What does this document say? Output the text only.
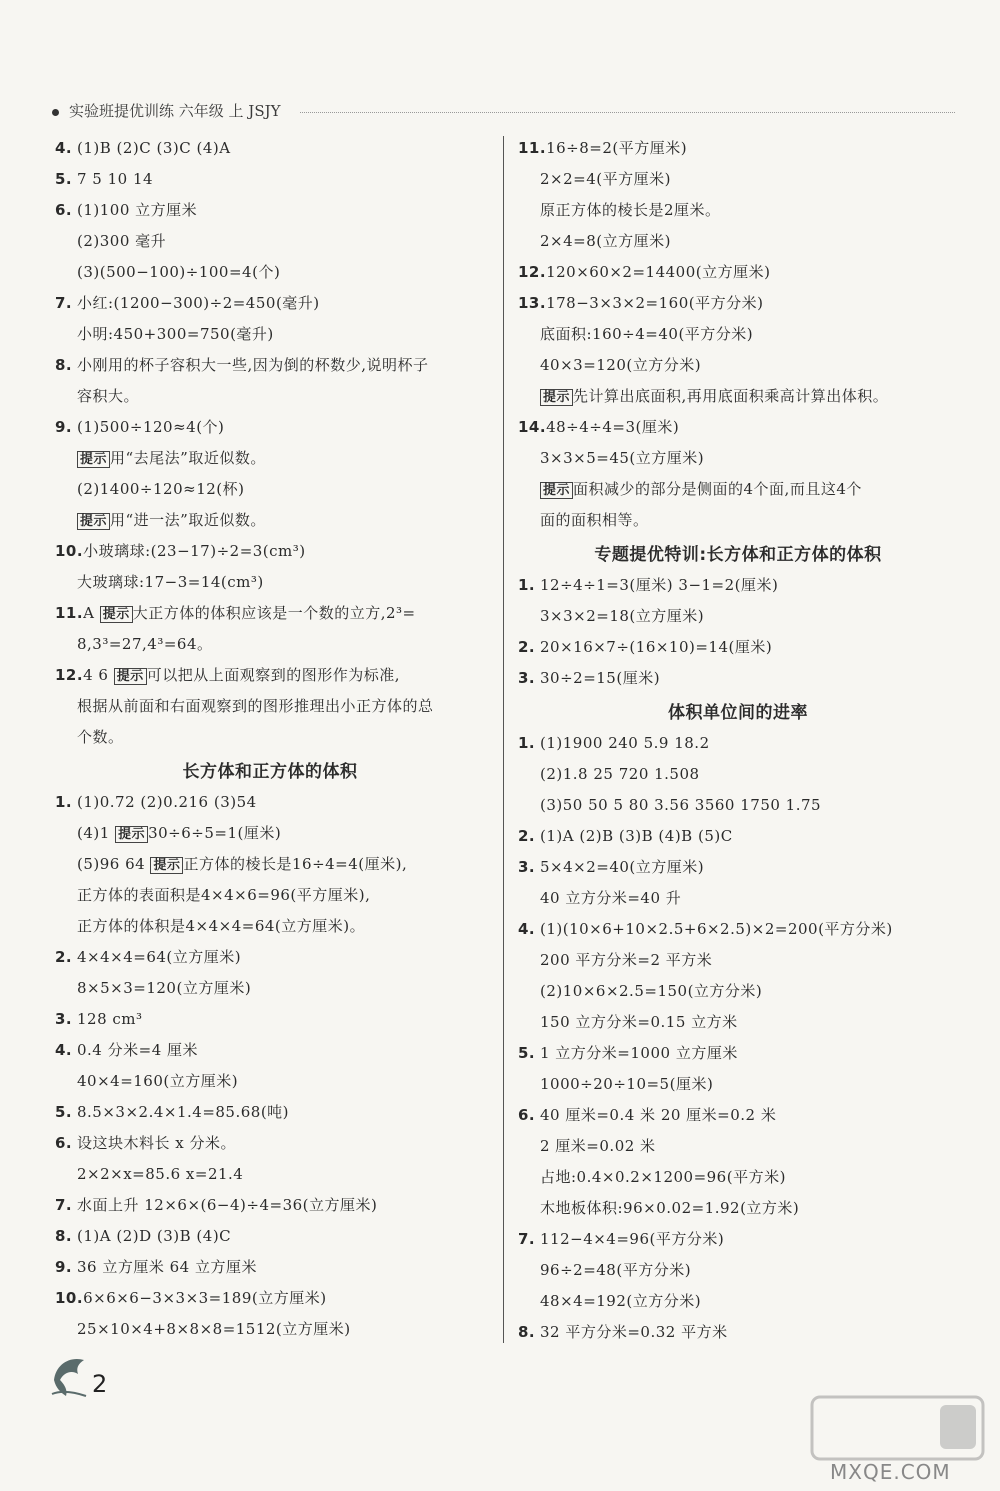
实验班提优训练 六年级 上 JSJY
4. (1)B (2)C (3)C (4)A
5. 7 5 10 14
6. (1)100 立方厘米
(2)300 毫升
(3)(500−100)÷100=4(个)
7. 小红:(1200−300)÷2=450(毫升)
小明:450+300=750(毫升)
8. 小刚用的杯子容积大一些,因为倒的杯数少,说明杯子
容积大。
9. (1)500÷120≈4(个)
提示 用“去尾法”取近似数。
(2)1400÷120≈12(杯)
提示 用“进一法”取近似数。
10.小玻璃球:(23−17)÷2=3(cm³)
大玻璃球:17−3=14(cm³)
11.A 提示 大正方体的体积应该是一个数的立方,2³=
8,3³=27,4³=64。
12.4 6 提示 可以把从上面观察到的图形作为标准,
根据从前面和右面观察到的图形推理出小正方体的总
个数。
长方体和正方体的体积
1. (1)0.72 (2)0.216 (3)54
(4)1 提示 30÷6÷5=1(厘米)
(5)96 64 提示 正方体的棱长是16÷4=4(厘米),
正方体的表面积是4×4×6=96(平方厘米),
正方体的体积是4×4×4=64(立方厘米)。
2. 4×4×4=64(立方厘米)
8×5×3=120(立方厘米)
3. 128 cm³
4. 0.4 分米=4 厘米
40×4=160(立方厘米)
5. 8.5×3×2.4×1.4=85.68(吨)
6. 设这块木料长 x 分米。
2×2×x=85.6 x=21.4
7. 水面上升 12×6×(6−4)÷4=36(立方厘米)
8. (1)A (2)D (3)B (4)C
9. 36 立方厘米 64 立方厘米
10.6×6×6−3×3×3=189(立方厘米)
25×10×4+8×8×8=1512(立方厘米)
11.16÷8=2(平方厘米)
2×2=4(平方厘米)
原正方体的棱长是2厘米。
2×4=8(立方厘米)
12.120×60×2=14400(立方厘米)
13.178−3×3×2=160(平方分米)
底面积:160÷4=40(平方分米)
40×3=120(立方分米)
提示 先计算出底面积,再用底面积乘高计算出体积。
14.48÷4÷4=3(厘米)
3×3×5=45(立方厘米)
提示 面积减少的部分是侧面的4个面,而且这4个
面的面积相等。
专题提优特训:长方体和正方体的体积
1. 12÷4÷1=3(厘米) 3−1=2(厘米)
3×3×2=18(立方厘米)
2. 20×16×7÷(16×10)=14(厘米)
3. 30÷2=15(厘米)
体积单位间的进率
1. (1)1900 240 5.9 18.2
(2)1.8 25 720 1.508
(3)50 50 5 80 3.56 3560 1750 1.75
2. (1)A (2)B (3)B (4)B (5)C
3. 5×4×2=40(立方厘米)
40 立方分米=40 升
4. (1)(10×6+10×2.5+6×2.5)×2=200(平方分米)
200 平方分米=2 平方米
(2)10×6×2.5=150(立方分米)
150 立方分米=0.15 立方米
5. 1 立方分米=1000 立方厘米
1000÷20÷10=5(厘米)
6. 40 厘米=0.4 米 20 厘米=0.2 米
2 厘米=0.02 米
占地:0.4×0.2×1200=96(平方米)
木地板体积:96×0.02=1.92(立方米)
7. 112−4×4=96(平方分米)
96÷2=48(平方分米)
48×4=192(立方分米)
8. 32 平方分米=0.32 平方米
2
MXQE.COM
